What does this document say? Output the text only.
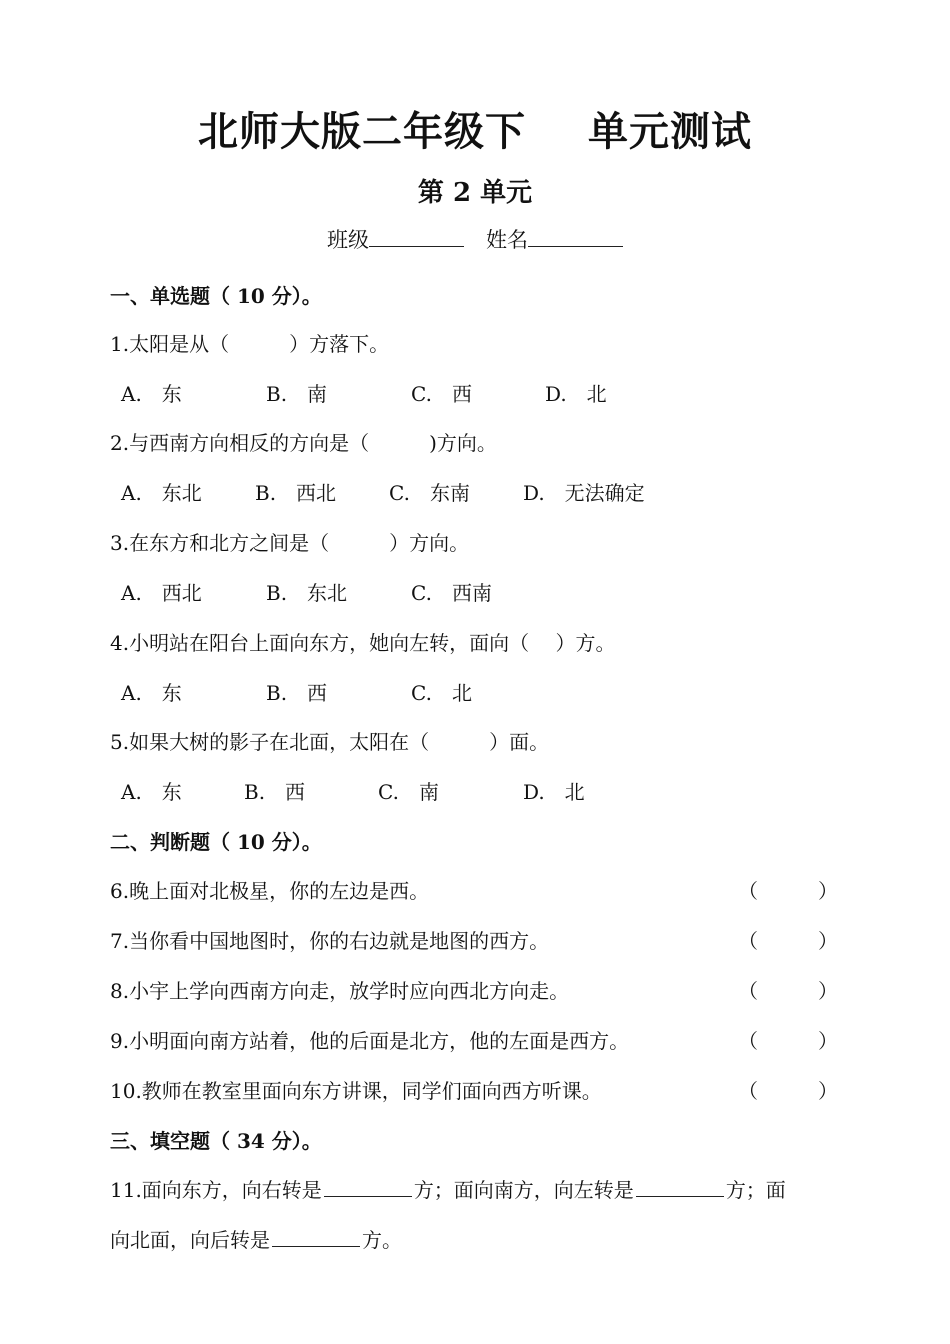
北师大版二年级下 单元测试
第 2 单元
班级	姓名
一、单选题（ 10 分）。
1.太阳是从（　　　）方落下。
A.　东	B.　南	C.　西	D.　北
2.与西南方向相反的方向是（　　　)方向。
A.　东北	B.　西北	C.　东南	D.　无法确定
3.在东方和北方之间是（　　　）方向。
A.　西北	B.　东北	C.　西南
4.小明站在阳台上面向东方，她向左转，面向（　 ）方。
A.　东	B.　西	C.　北
5.如果大树的影子在北面，太阳在（　　　）面。
A.　东	B.　西	C.　南	D.　北
二、判断题（ 10 分）。
6.晚上面对北极星，你的左边是西。	（　　　）
7.当你看中国地图时，你的右边就是地图的西方。	（　　　）
8.小宇上学向西南方向走，放学时应向西北方向走。	（　　　）
9.小明面向南方站着，他的后面是北方，他的左面是西方。	（　　　）
10.教师在教室里面向东方讲课，同学们面向西方听课。	（　　　）
三、填空题（ 34 分）。
11.面向东方，向右转是	方；面向南方，向左转是	方；面
向北面，向后转是	方。
